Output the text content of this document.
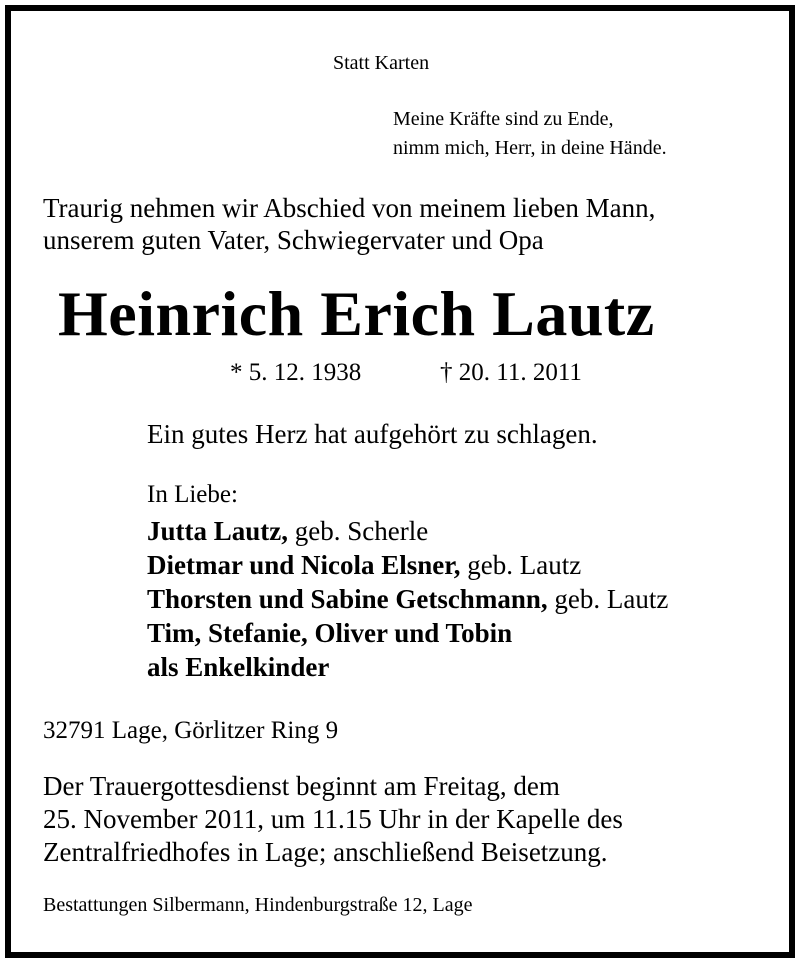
Statt Karten
Meine Kräfte sind zu Ende,
nimm mich, Herr, in deine Hände.
Traurig nehmen wir Abschied von meinem lieben Mann,
unserem guten Vater, Schwiegervater und Opa
Heinrich Erich Lautz
* 5. 12. 1938	† 20. 11. 2011
Ein gutes Herz hat aufgehört zu schlagen.
In Liebe:
Jutta Lautz, geb. Scherle
Dietmar und Nicola Elsner, geb. Lautz
Thorsten und Sabine Getschmann, geb. Lautz
Tim, Stefanie, Oliver und Tobin
als Enkelkinder
32791 Lage, Görlitzer Ring 9
Der Trauergottesdienst beginnt am Freitag, dem
25. November 2011, um 11.15 Uhr in der Kapelle des
Zentralfriedhofes in Lage; anschließend Beisetzung.
Bestattungen Silbermann, Hindenburgstraße 12, Lage
